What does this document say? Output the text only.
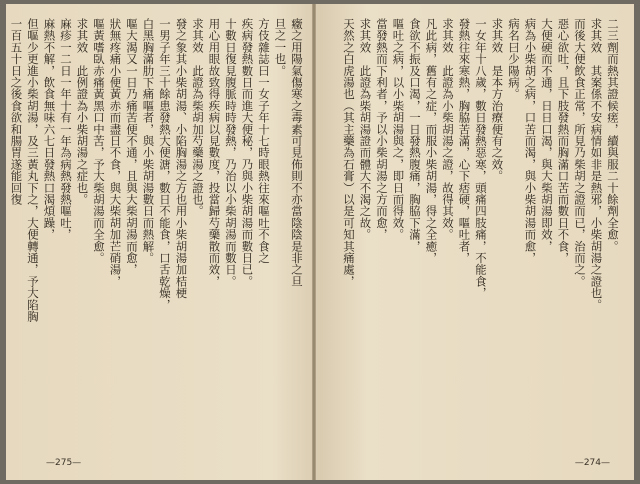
癥之用陽氣傷寒之毒素可見佈則不亦當陰陰是非之旦
旦之一也。
方伎雜誌曰一女子年十七時眼熱往來嘔吐不食之
疾病發熱數日而進大便秘，乃與小柴胡湯而數日已。
十數日復見腹脈時時發熱，乃治以小柴胡湯而數日。
用心用眼故致得疾病以見數度，投當歸芍藥散而效，
求其效　此證為柴胡加芍藥湯之證也。
發之象其小柴胡湯、小陷胸湯之方也用小柴胡湯加桔梗
一男子年三十餘患發熱大便溏，數日不能食，口舌乾燥，
白黑胸滿肋下痛嘔者，與小柴胡湯數日而熱解。
嘔大渴又一日乃痛苦便不通，且與大柴胡湯而愈，
狀無疼痛小便黃赤而盡日不食，與大柴胡加芒硝湯，
嘔黃嗜臥赤痛黃黑口中苦，予大柴胡湯而全愈。
求其效　此例證為小柴胡湯之症也。
麻疹一二日一年十有一年為病熱發熱嘔吐，
麻熱不解，飲食無味六七日發熱口渴煩躁，
但嘔少更進小柴胡湯，及三黃丸下之，大便轉通，予大陷胸
一百五十日之後食欲和腸胃遂能回復
—275—
二三劑而熱其證候瘥，續與服二十餘劑全愈。
求其效　其案係不安病情如非是熱邪，小柴胡湯之證也。
而後大便飲食正常，所見乃柴胡之證而已，治而之。
惡心欲吐，且下肢發熱而胸滿口苦而數日不食，
大便硬而不通，日日口渴，與大柴胡湯即效，
病為小柴胡之病，口苦而渴，與小柴胡湯而愈，
病名曰少陽病。
求其效　是本方治療便有之效。
一女年十八歲，數日發熱惡寒，頭痛四肢痛，不能食，
發熱往來寒熱，胸脇苦滿，心下痞硬，嘔吐者，
求其效　此證為小柴胡湯之證，故得其效。
凡此病，舊有之症，而服小柴胡湯，得之全癒，
食欲不振及口渴，一日發熱腹痛，胸脇下滿，
嘔吐之病，以小柴胡湯與之，即日而得效。
當發熱而下利者，予以小柴胡湯之方而愈，
求其效　此證為柴胡湯證而體大不渴之故。
天然之白虎湯也（其主藥為石膏）以是可知其痛處，
—274—
